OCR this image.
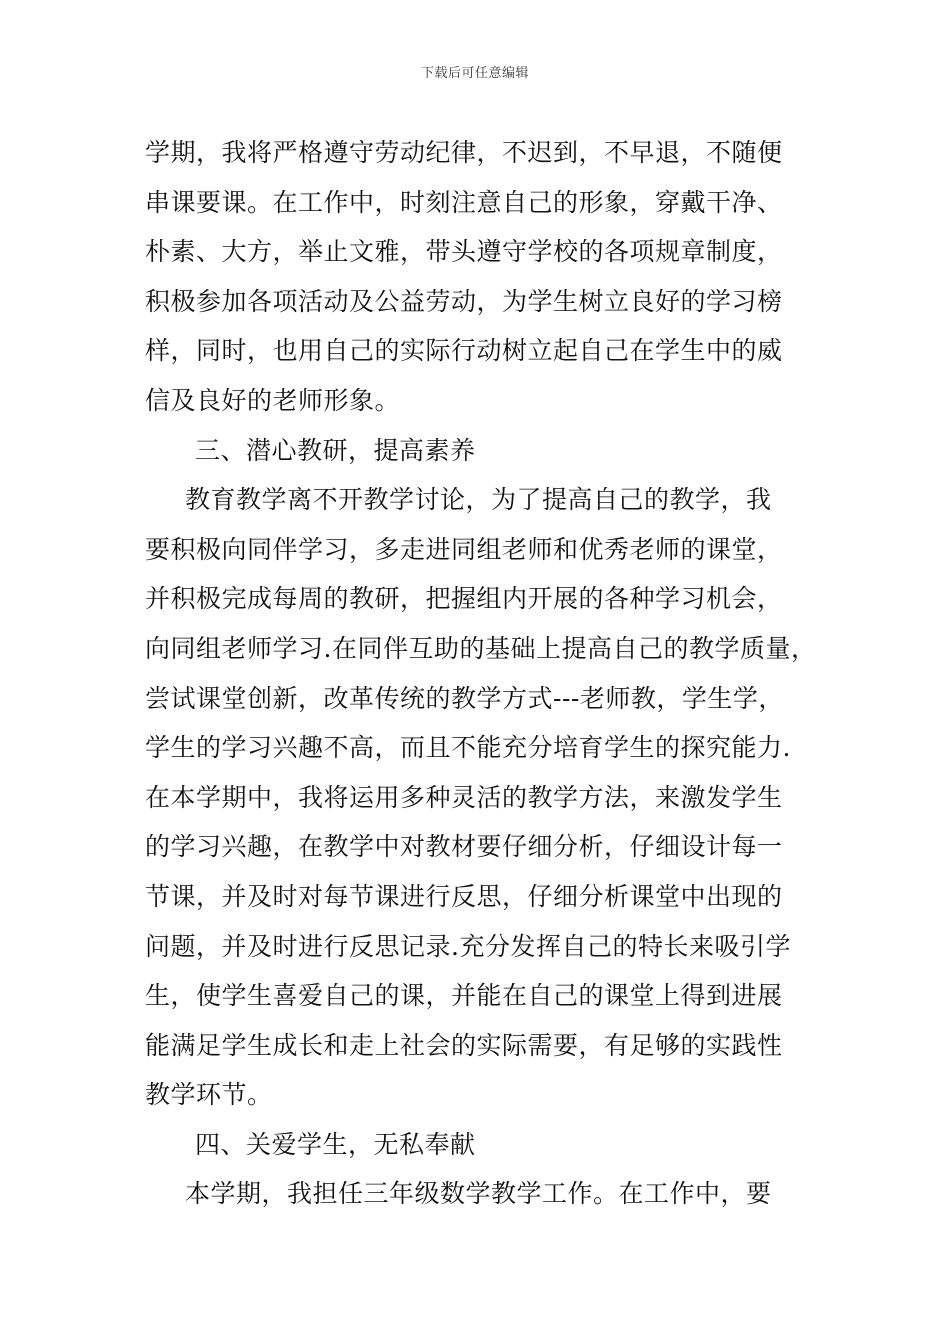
下载后可任意编辑
学期，我将严格遵守劳动纪律，不迟到，不早退，不随便
串课要课。在工作中，时刻注意自己的形象，穿戴干净、
朴素、大方，举止文雅，带头遵守学校的各项规章制度，
积极参加各项活动及公益劳动，为学生树立良好的学习榜
样，同时，也用自己的实际行动树立起自己在学生中的威
信及良好的老师形象。
三、潜心教研，提高素养
教育教学离不开教学讨论，为了提高自己的教学，我
要积极向同伴学习，多走进同组老师和优秀老师的课堂，
并积极完成每周的教研，把握组内开展的各种学习机会，
向同组老师学习.在同伴互助的基础上提高自己的教学质量，
尝试课堂创新，改革传统的教学方式---老师教，学生学，
学生的学习兴趣不高，而且不能充分培育学生的探究能力.
在本学期中，我将运用多种灵活的教学方法，来激发学生
的学习兴趣，在教学中对教材要仔细分析，仔细设计每一
节课，并及时对每节课进行反思，仔细分析课堂中出现的
问题，并及时进行反思记录.充分发挥自己的特长来吸引学
生，使学生喜爱自己的课，并能在自己的课堂上得到进展
能满足学生成长和走上社会的实际需要，有足够的实践性
教学环节。
四、关爱学生，无私奉献
本学期，我担任三年级数学教学工作。在工作中，要
